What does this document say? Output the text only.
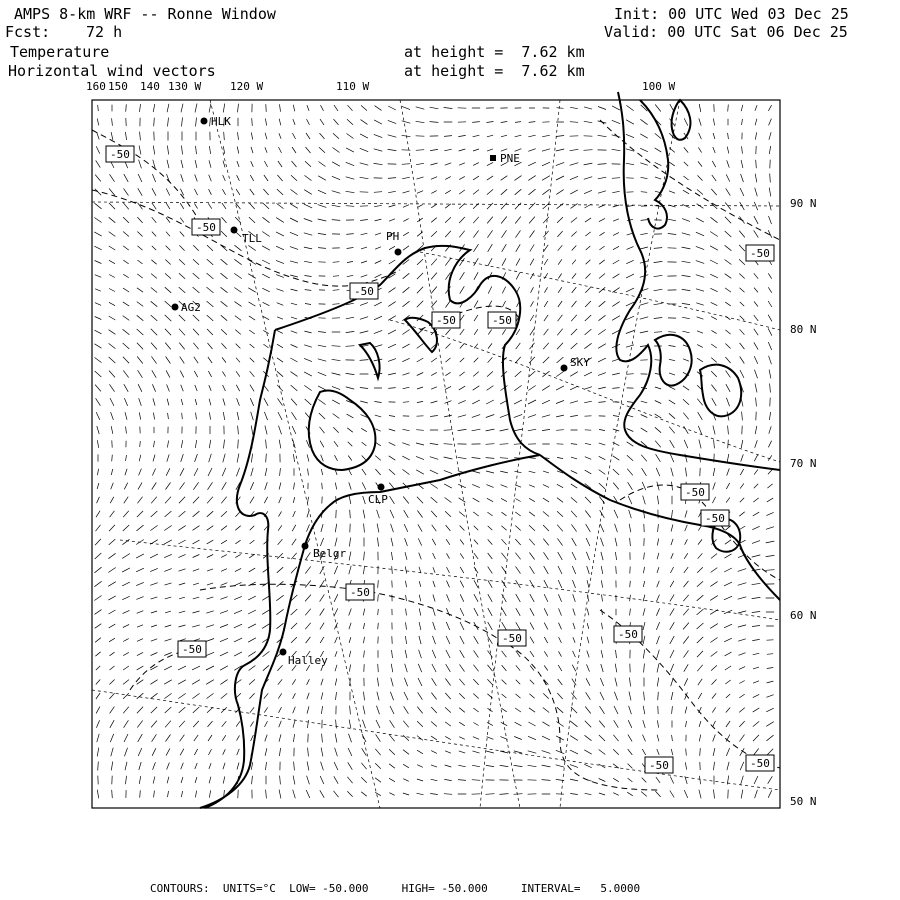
AMPS 8-km WRF -- Ronne Window
Fcst: 72 h
Init: 00 UTC Wed 03 Dec 25
Valid: 00 UTC Sat 06 Dec 25
Temperature
Horizontal wind vectors
at height =  7.62 km
at height =  7.62 km
160 150 140 130 W	120 W	110 W	100 W
90 N
80 N
70 N
60 N
50 N
HLK
PNE
TLL	PH
AG2
SKY
CLP
Belgr
Halley
-50
-50
-50
-50	-50
-50
-50
-50
-50
-50
-50	-50
-50	-50
CONTOURS:  UNITS=°C  LOW= -50.000     HIGH= -50.000     INTERVAL=   5.0000
